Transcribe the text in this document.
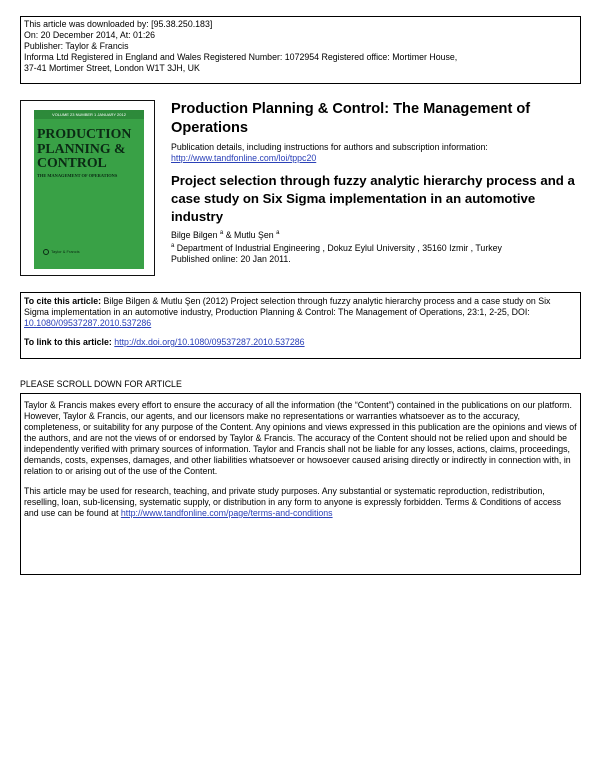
This article was downloaded by: [95.38.250.183]
On: 20 December 2014, At: 01:26
Publisher: Taylor & Francis
Informa Ltd Registered in England and Wales Registered Number: 1072954 Registered office: Mortimer House,
37-41 Mortimer Street, London W1T 3JH, UK
VOLUME 23 NUMBER 1 JANUARY 2012
PRODUCTION
PLANNING &
CONTROL
THE MANAGEMENT OF OPERATIONS
Taylor & Francis
Production Planning & Control: The Management of Operations
Publication details, including instructions for authors and subscription information:
http://www.tandfonline.com/loi/tppc20
Project selection through fuzzy analytic hierarchy process and a case study on Six Sigma implementation in an automotive industry
Bilge Bilgen $^a$ & Mutlu Şen $^a$
$^a$ Department of Industrial Engineering , Dokuz Eylul University , 35160 Izmir , Turkey
Published online: 20 Jan 2011.

To cite this article: Bilge Bilgen & Mutlu Şen (2012) Project selection through fuzzy analytic hierarchy process and a case study on Six Sigma implementation in an automotive industry, Production Planning & Control: The Management of Operations, 23:1, 2-25, DOI: 10.1080/09537287.2010.537286

To link to this article: http://dx.doi.org/10.1080/09537287.2010.537286

PLEASE SCROLL DOWN FOR ARTICLE

Taylor & Francis makes every effort to ensure the accuracy of all the information (the “Content”) contained in the publications on our platform. However, Taylor & Francis, our agents, and our licensors make no representations or warranties whatsoever as to the accuracy, completeness, or suitability for any purpose of the Content. Any opinions and views expressed in this publication are the opinions and views of the authors, and are not the views of or endorsed by Taylor & Francis. The accuracy of the Content should not be relied upon and should be independently verified with primary sources of information. Taylor and Francis shall not be liable for any losses, actions, claims, proceedings, demands, costs, expenses, damages, and other liabilities whatsoever or howsoever caused arising directly or indirectly in connection with, in relation to or arising out of the use of the Content.

This article may be used for research, teaching, and private study purposes. Any substantial or systematic reproduction, redistribution, reselling, loan, sub-licensing, systematic supply, or distribution in any form to anyone is expressly forbidden. Terms & Conditions of access and use can be found at http://www.tandfonline.com/page/terms-and-conditions
